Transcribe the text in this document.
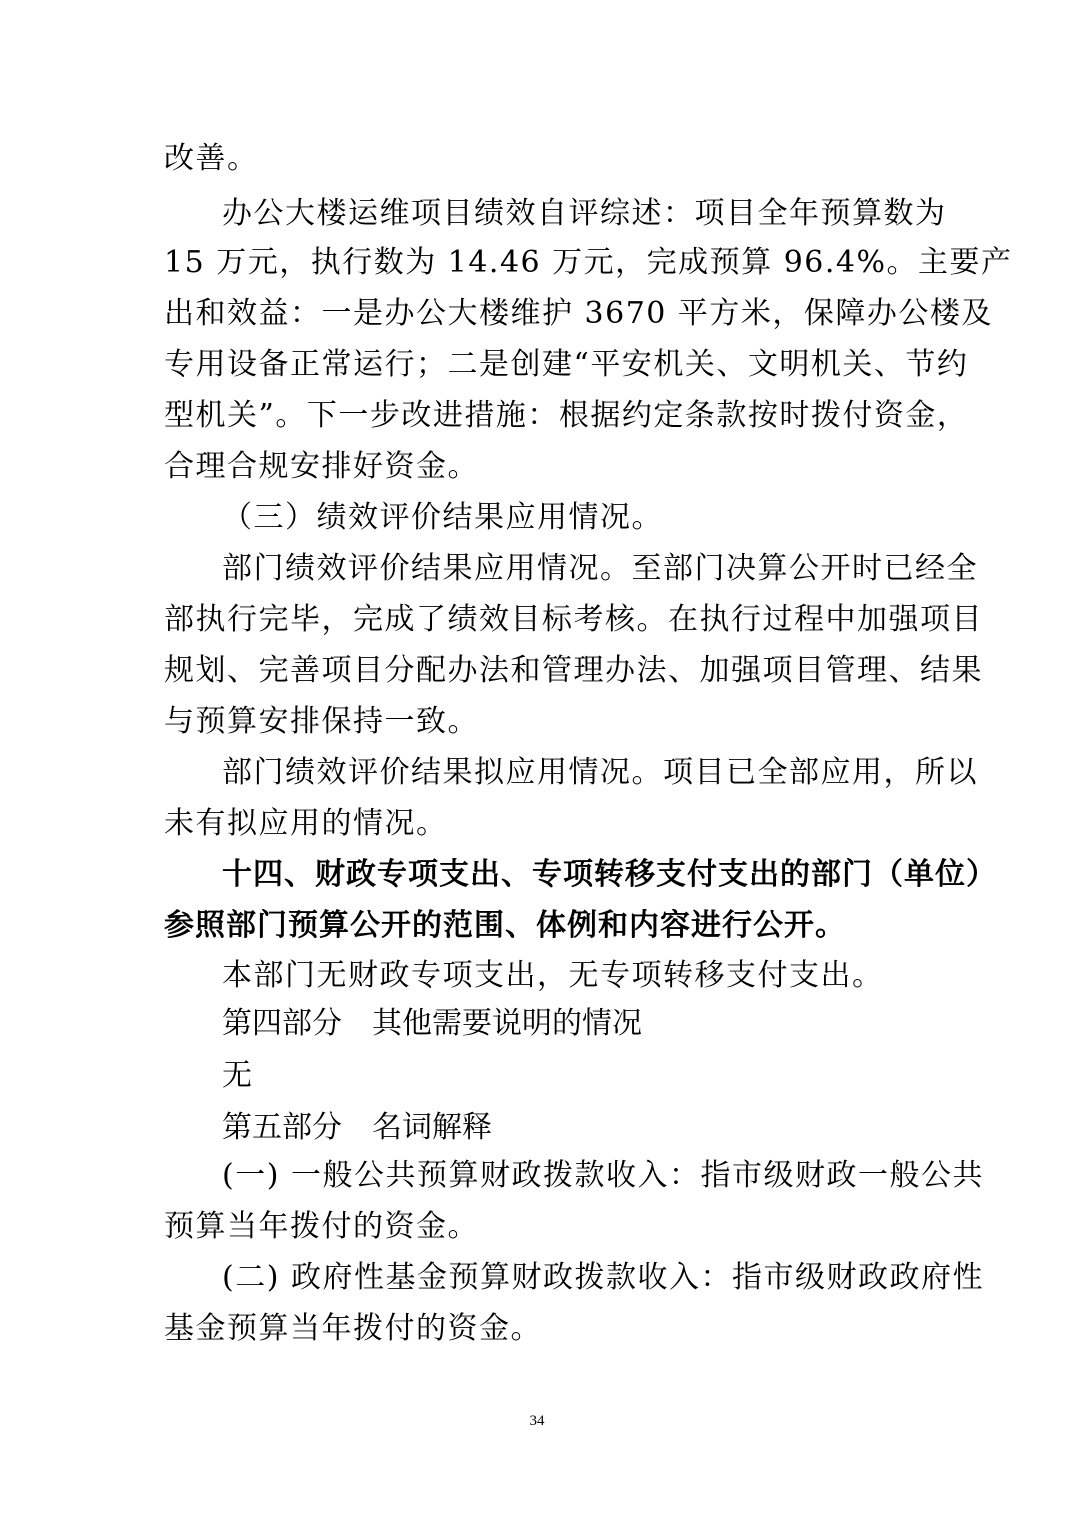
改善。
办公大楼运维项目绩效自评综述：项目全年预算数为
15 万元，执行数为 14.46 万元，完成预算 96.4%。主要产
出和效益：一是办公大楼维护 3670 平方米，保障办公楼及
专用设备正常运行；二是创建“平安机关、文明机关、节约
型机关”。下一步改进措施：根据约定条款按时拨付资金，
合理合规安排好资金。
（三）绩效评价结果应用情况。
部门绩效评价结果应用情况。至部门决算公开时已经全
部执行完毕，完成了绩效目标考核。在执行过程中加强项目
规划、完善项目分配办法和管理办法、加强项目管理、结果
与预算安排保持一致。
部门绩效评价结果拟应用情况。项目已全部应用，所以
未有拟应用的情况。
十四、财政专项支出、专项转移支付支出的部门（单位）
参照部门预算公开的范围、体例和内容进行公开。
本部门无财政专项支出，无专项转移支付支出。
第四部分　其他需要说明的情况
无
第五部分　名词解释
(一) 一般公共预算财政拨款收入：指市级财政一般公共
预算当年拨付的资金。
(二) 政府性基金预算财政拨款收入：指市级财政政府性
基金预算当年拨付的资金。
34
